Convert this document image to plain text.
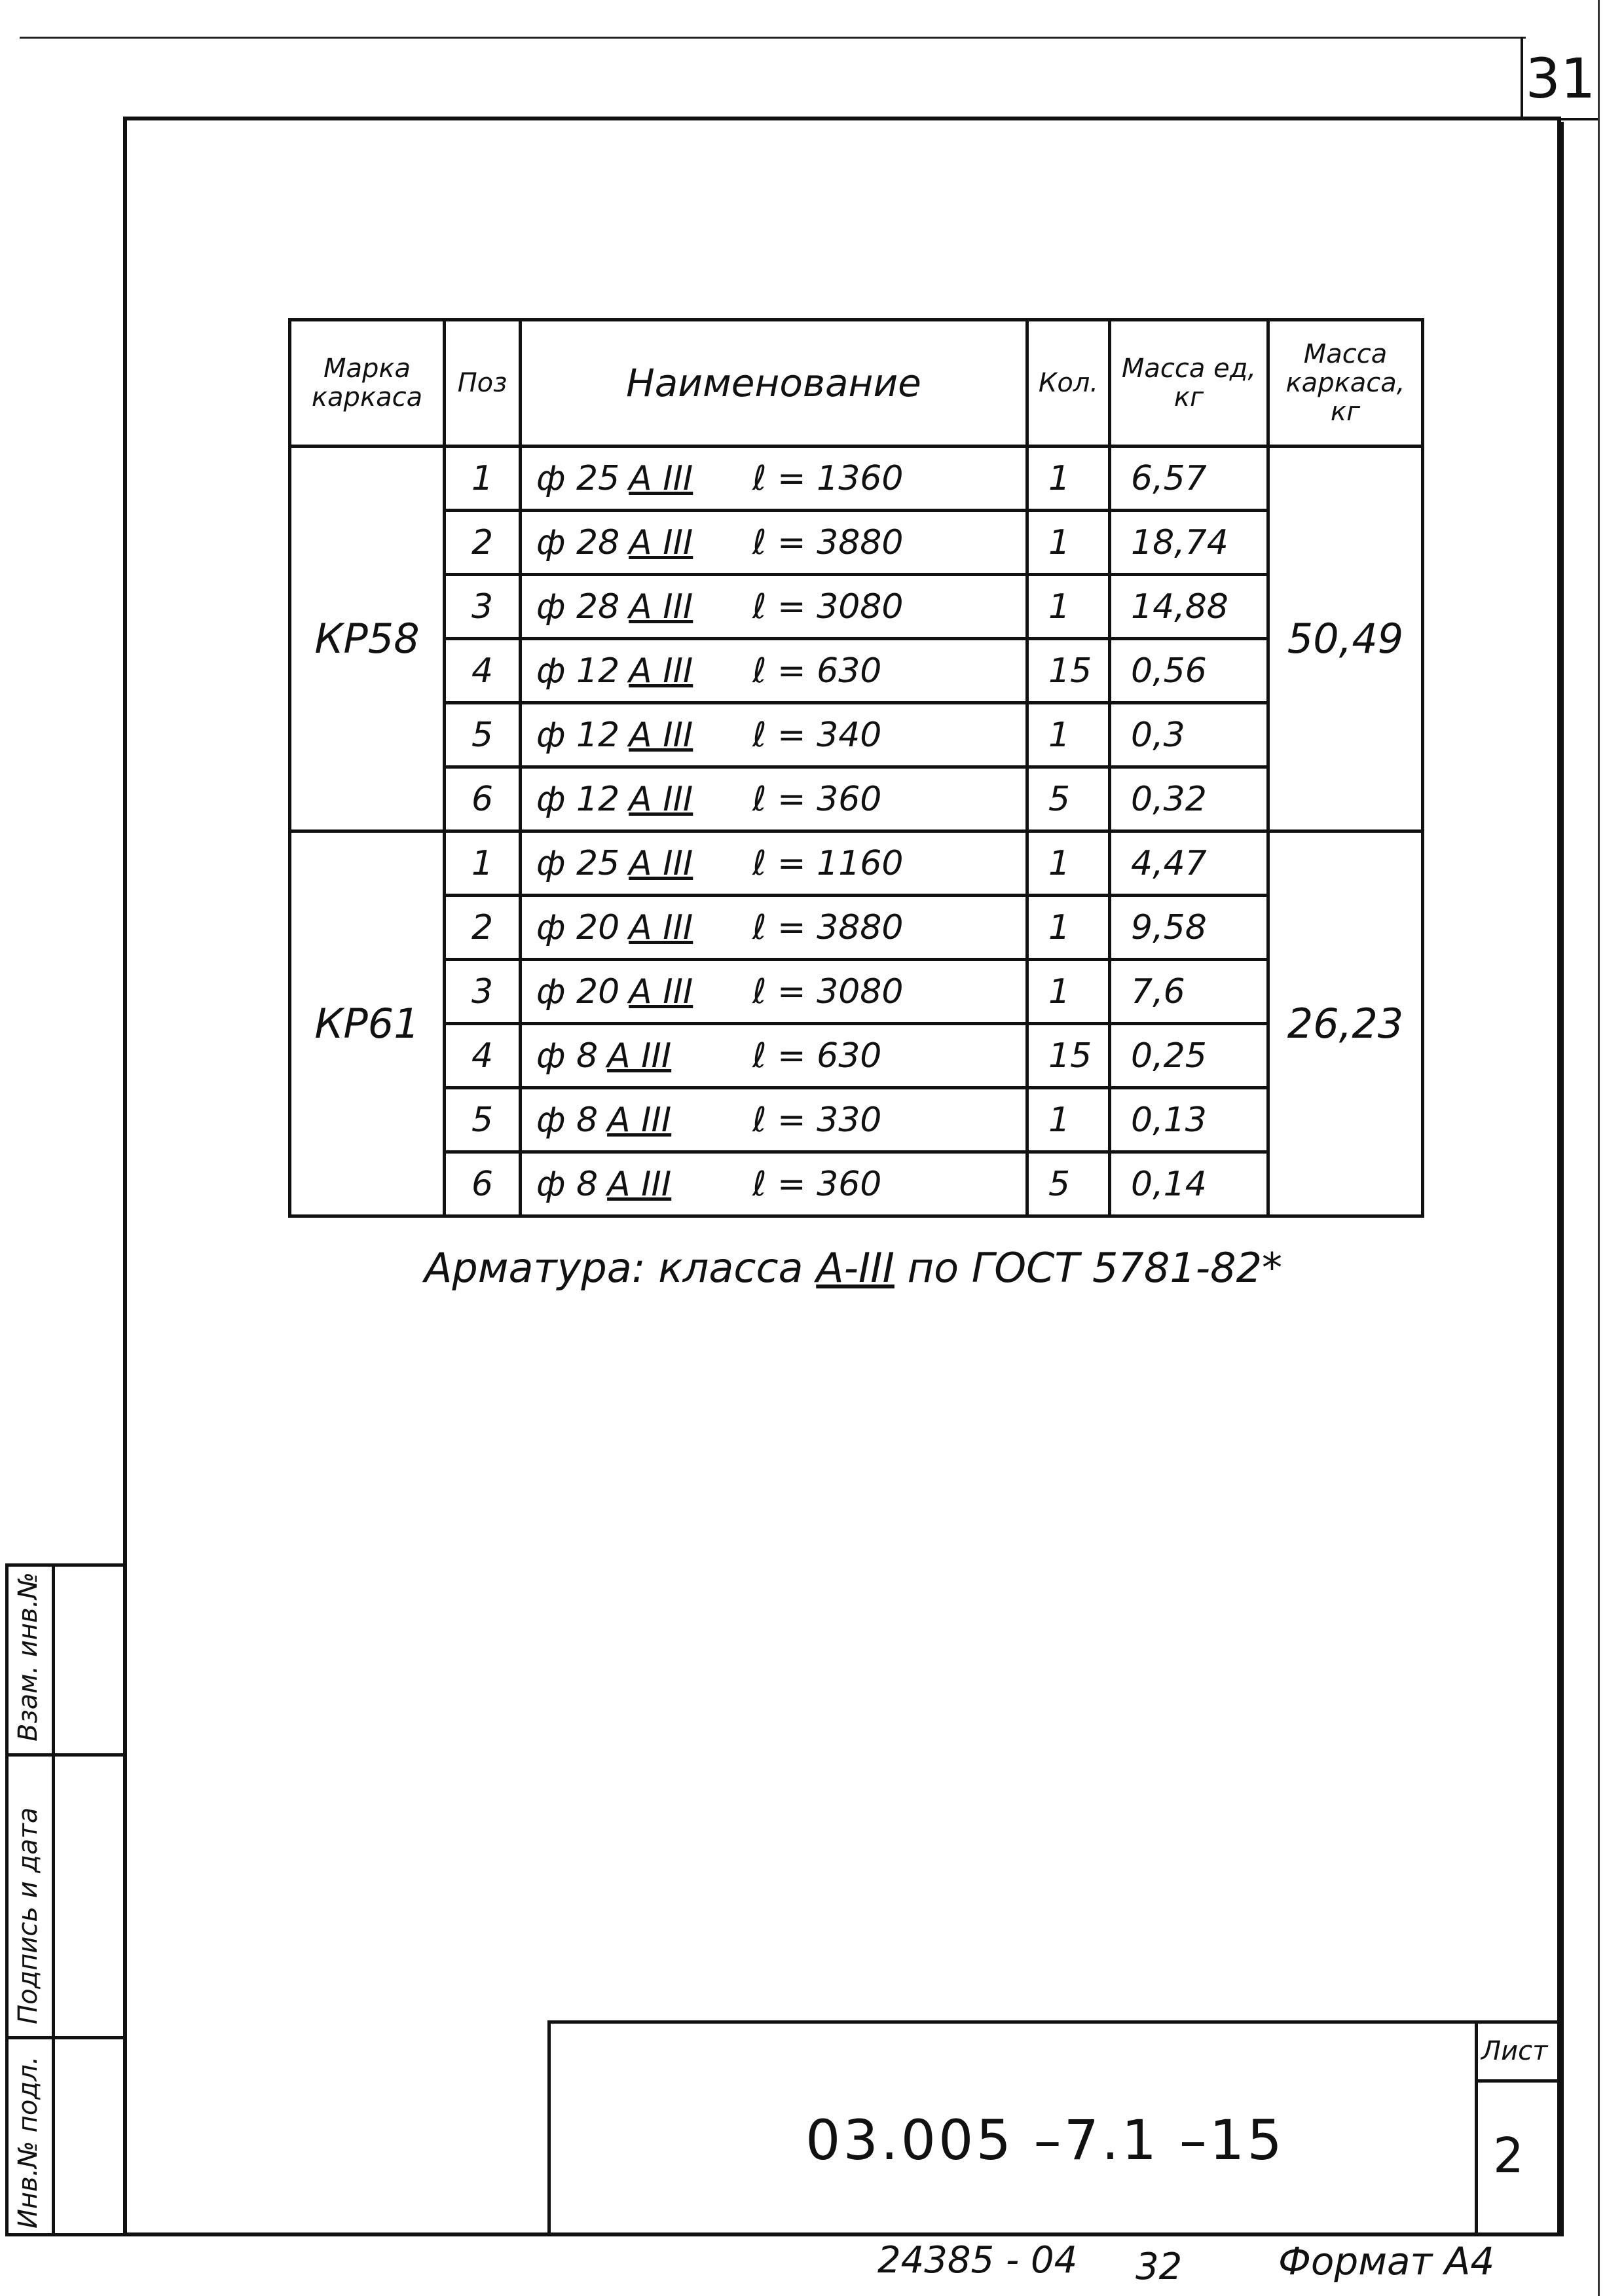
31
Марка каркаса	Поз	Наименование	Кол.	Масса ед, кг	Масса каркаса, кг
КР58	1	ф 25 А III ℓ = 1360	1	6,57	50,49
	2	ф 28 А III ℓ = 3880	1	18,74	
	3	ф 28 А III ℓ = 3080	1	14,88	
	4	ф 12 А III ℓ = 630	15	0,56	
	5	ф 12 А III ℓ = 340	1	0,3	
	6	ф 12 А III ℓ = 360	5	0,32	
КР61	1	ф 25 А III ℓ = 1160	1	4,47	26,23
	2	ф 20 А III ℓ = 3880	1	9,58	
	3	ф 20 А III ℓ = 3080	1	7,6	
	4	ф 8 А III ℓ = 630	15	0,25	
	5	ф 8 А III ℓ = 330	1	0,13	
	6	ф 8 А III ℓ = 360	5	0,14	
Арматура: класса А-III по ГОСТ 5781-82*
Взам. инв.№
Подпись и дата
Инв.№ подл.	03.005 –7.1 –15
Лист
2
24385 - 04 32	Формат А4
